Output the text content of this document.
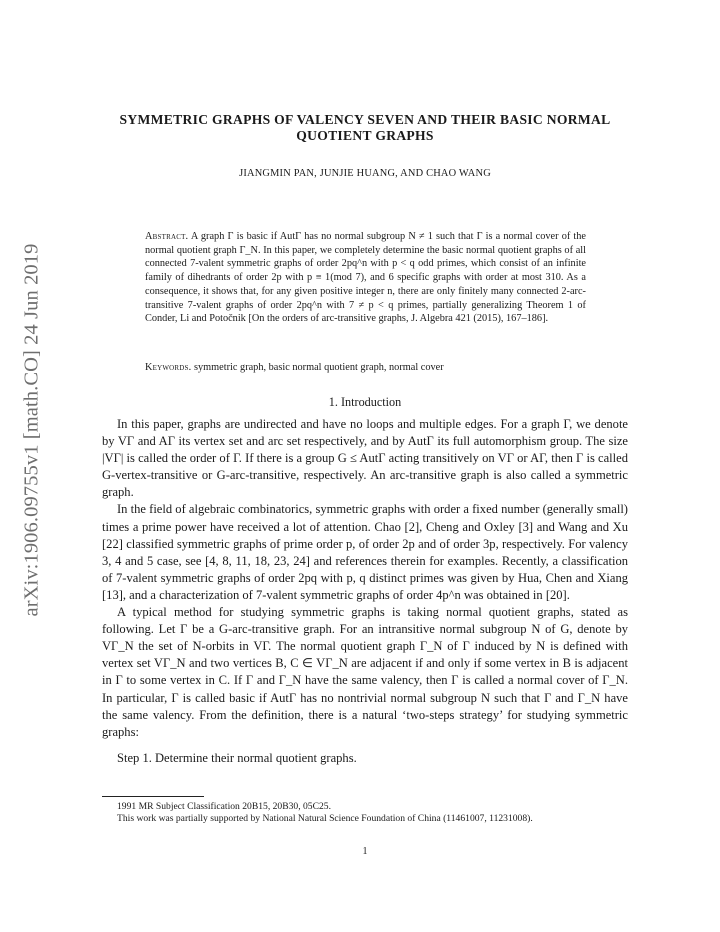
arXiv:1906.09755v1 [math.CO] 24 Jun 2019
SYMMETRIC GRAPHS OF VALENCY SEVEN AND THEIR BASIC NORMAL QUOTIENT GRAPHS
JIANGMIN PAN, JUNJIE HUANG, AND CHAO WANG
Abstract. A graph Γ is basic if AutΓ has no normal subgroup N ≠ 1 such that Γ is a normal cover of the normal quotient graph Γ_N. In this paper, we completely determine the basic normal quotient graphs of all connected 7-valent symmetric graphs of order 2pq^n with p < q odd primes, which consist of an infinite family of dihedrants of order 2p with p ≡ 1(mod 7), and 6 specific graphs with order at most 310. As a consequence, it shows that, for any given positive integer n, there are only finitely many connected 2-arc-transitive 7-valent graphs of order 2pq^n with 7 ≠ p < q primes, partially generalizing Theorem 1 of Conder, Li and Potočnik [On the orders of arc-transitive graphs, J. Algebra 421 (2015), 167–186].
Keywords. symmetric graph, basic normal quotient graph, normal cover
1. Introduction

In this paper, graphs are undirected and have no loops and multiple edges. For a graph Γ, we denote by VΓ and AΓ its vertex set and arc set respectively, and by AutΓ its full automorphism group. The size |VΓ| is called the order of Γ. If there is a group G ≤ AutΓ acting transitively on VΓ or AΓ, then Γ is called G-vertex-transitive or G-arc-transitive, respectively. An arc-transitive graph is also called a symmetric graph.

In the field of algebraic combinatorics, symmetric graphs with order a fixed number (generally small) times a prime power have received a lot of attention. Chao [2], Cheng and Oxley [3] and Wang and Xu [22] classified symmetric graphs of prime order p, of order 2p and of order 3p, respectively. For valency 3, 4 and 5 case, see [4, 8, 11, 18, 23, 24] and references therein for examples. Recently, a classification of 7-valent symmetric graphs of order 2pq with p, q distinct primes was given by Hua, Chen and Xiang [13], and a characterization of 7-valent symmetric graphs of order 4p^n was obtained in [20].

A typical method for studying symmetric graphs is taking normal quotient graphs, stated as following. Let Γ be a G-arc-transitive graph. For an intransitive normal subgroup N of G, denote by VΓ_N the set of N-orbits in VΓ. The normal quotient graph Γ_N of Γ induced by N is defined with vertex set VΓ_N and two vertices B, C ∈ VΓ_N are adjacent if and only if some vertex in B is adjacent in Γ to some vertex in C. If Γ and Γ_N have the same valency, then Γ is called a normal cover of Γ_N. In particular, Γ is called basic if AutΓ has no nontrivial normal subgroup N such that Γ and Γ_N have the same valency. From the definition, there is a natural ‘two-steps strategy’ for studying symmetric graphs:

Step 1. Determine their normal quotient graphs.

1991 MR Subject Classification 20B15, 20B30, 05C25.

This work was partially supported by National Natural Science Foundation of China (11461007, 11231008).

1
